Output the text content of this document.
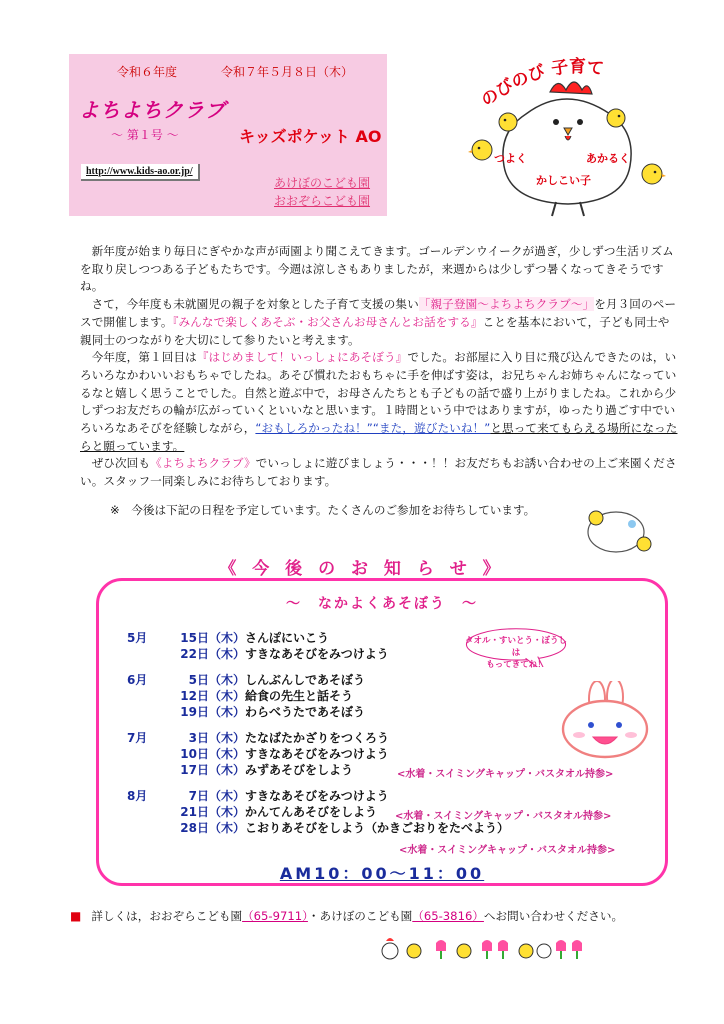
令和６年度	令和７年５月８日（木）
よちよちクラブ
～ 第１号 ～	キッズポケット AO
http://www.kids-ao.or.jp/
あけぼのこども園
おおぞらこども園
のびのび 子育て
つよく	あかるく
かしこい子

新年度が始まり毎日にぎやかな声が両園より聞こえてきます。ゴールデンウイークが過ぎ，少しずつ生活リズムを取り戻しつつある子どもたちです。今週は涼しさもありましたが，来週からは少しずつ暑くなってきそうですね。

さて，今年度も未就園児の親子を対象とした子育て支援の集い「親子登園～よちよちクラブ～」を月３回のペースで開催します。『みんなで楽しくあそぶ・お父さんお母さんとお話をする』ことを基本において，子ども同士や親同士のつながりを大切にして参りたいと考えます。

今年度，第１回目は『はじめまして！いっしょにあそぼう』でした。お部屋に入り目に飛び込んできたのは，いろいろなかわいいおもちゃでしたね。あそび慣れたおもちゃに手を伸ばす姿は，お兄ちゃんお姉ちゃんになっているなと嬉しく思うことでした。自然と遊ぶ中で，お母さんたちとも子どもの話で盛り上がりましたね。これから少しずつお友だちの輪が広がっていくといいなと思います。１時間という中ではありますが，ゆったり過ごす中でいろいろなあそびを経験しながら，“おもしろかったね！”“また，遊びたいね！”と思って来てもらえる場所になったらと願っています。

ぜひ次回も《よちよちクラブ》でいっしょに遊びましょう・・・！！お友だちもお誘い合わせの上ご来園ください。スタッフ一同楽しみにお待ちしております。

※　今後は下記の日程を予定しています。たくさんのご参加をお待ちしています。
《 今 後 の お 知 ら せ 》
～　なかよくあそぼう　～
5月	15日（木）さんぽにいこう
22日（木）すきなあそびをみつけよう
6月	5日（木）しんぶんしであそぼう
12日（木）給食の先生と話そう
19日（木）わらべうたであそぼう
7月	3日（木）たなばたかざりをつくろう
10日（木）すきなあそびをみつけよう
17日（木）みずあそびをしよう	<水着・スイミングキャップ・バスタオル持参>
8月	7日（木）すきなあそびをみつけよう
21日（木）かんてんあそびをしよう <水着・スイミングキャップ・バスタオル持参>
28日（木）こおりあそびをしよう（かきごおりをたべよう）
<水着・スイミングキャップ・バスタオル持参>
AM10：00～11：00
タオル・すいとう・ぼうしは
もってきてね！
■ 詳しくは，おおぞらこども園（65-9711）・あけぼのこども園（65-3816）へお問い合わせください。
